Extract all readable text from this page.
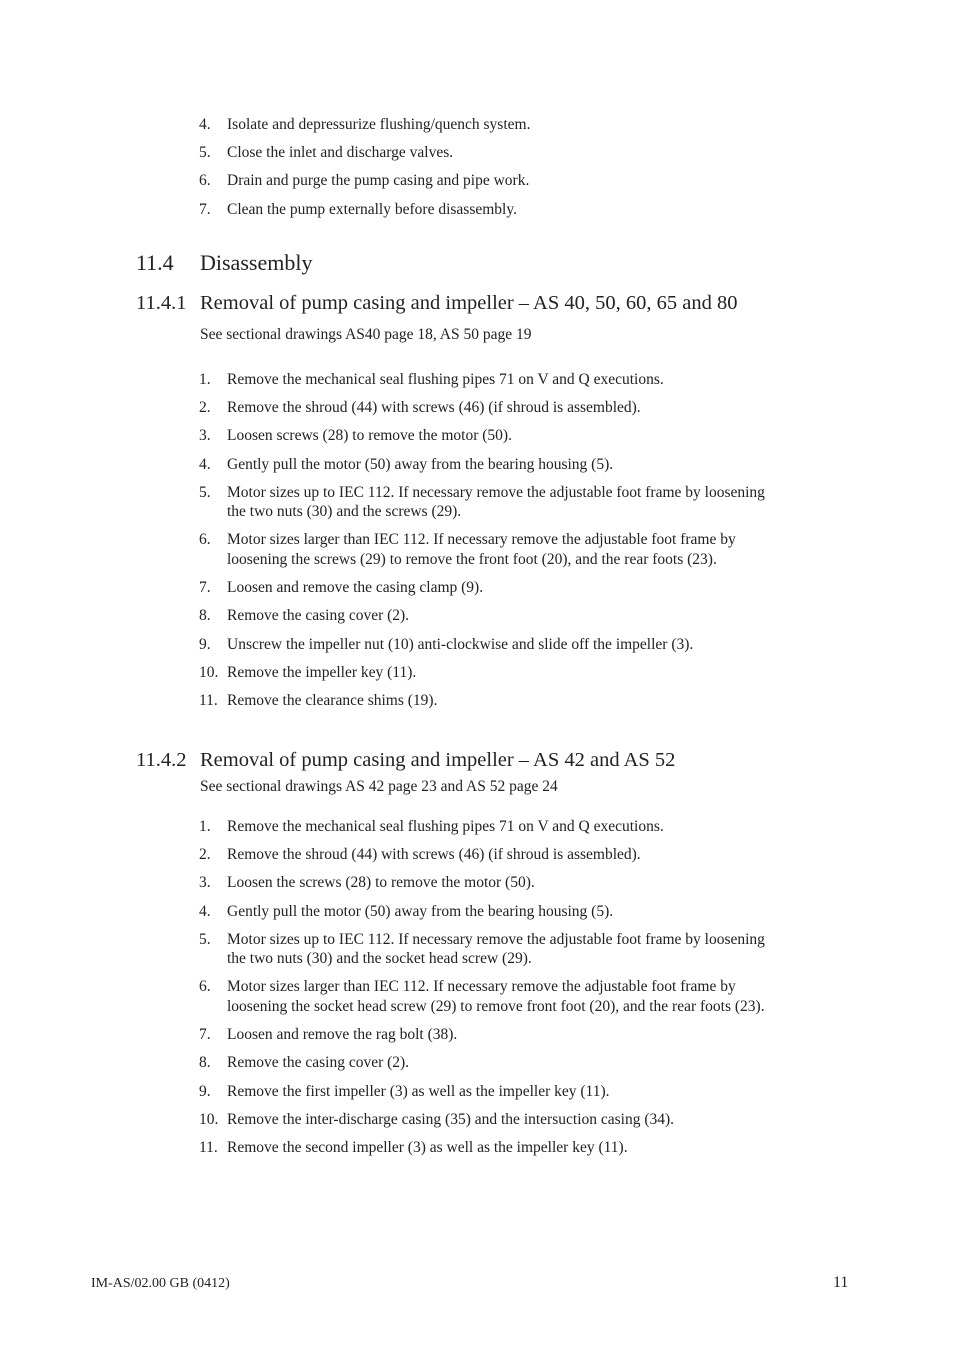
4. Isolate and depressurize flushing/quench system.
5. Close the inlet and discharge valves.
6. Drain and purge the pump casing and pipe work.
7. Clean the pump externally before disassembly.
11.4 Disassembly
11.4.1 Removal of pump casing and impeller – AS 40, 50, 60, 65 and 80
See sectional drawings AS40 page 18, AS 50 page 19
1. Remove the mechanical seal flushing pipes 71 on V and Q executions.
2. Remove the shroud (44) with screws (46) (if shroud is assembled).
3. Loosen screws (28) to remove the motor (50).
4. Gently pull the motor (50) away from the bearing housing (5).
5. Motor sizes up to IEC 112. If necessary remove the adjustable foot frame by loosening the two nuts (30) and the screws (29).
6. Motor sizes larger than IEC 112. If necessary remove the adjustable foot frame by loosening the screws (29) to remove the front foot (20), and the rear foots (23).
7. Loosen and remove the casing clamp (9).
8. Remove the casing cover (2).
9. Unscrew the impeller nut (10) anti-clockwise and slide off the impeller (3).
10. Remove the impeller key (11).
11. Remove the clearance shims (19).
11.4.2 Removal of pump casing and impeller – AS 42 and AS 52
See sectional drawings AS 42 page 23 and AS 52 page 24
1. Remove the mechanical seal flushing pipes 71 on V and Q executions.
2. Remove the shroud (44) with screws (46) (if shroud is assembled).
3. Loosen the screws (28) to remove the motor (50).
4. Gently pull the motor (50) away from the bearing housing (5).
5. Motor sizes up to IEC 112. If necessary remove the adjustable foot frame by loosening the two nuts (30) and the socket head screw (29).
6. Motor sizes larger than IEC 112. If necessary remove the adjustable foot frame by loosening the socket head screw (29) to remove front foot (20), and the rear foots (23).
7. Loosen and remove the rag bolt (38).
8. Remove the casing cover (2).
9. Remove the first impeller (3) as well as the impeller key (11).
10. Remove the inter-discharge casing (35) and the intersuction casing (34).
11. Remove the second impeller (3) as well as the impeller key (11).
IM-AS/02.00 GB (0412)	11
